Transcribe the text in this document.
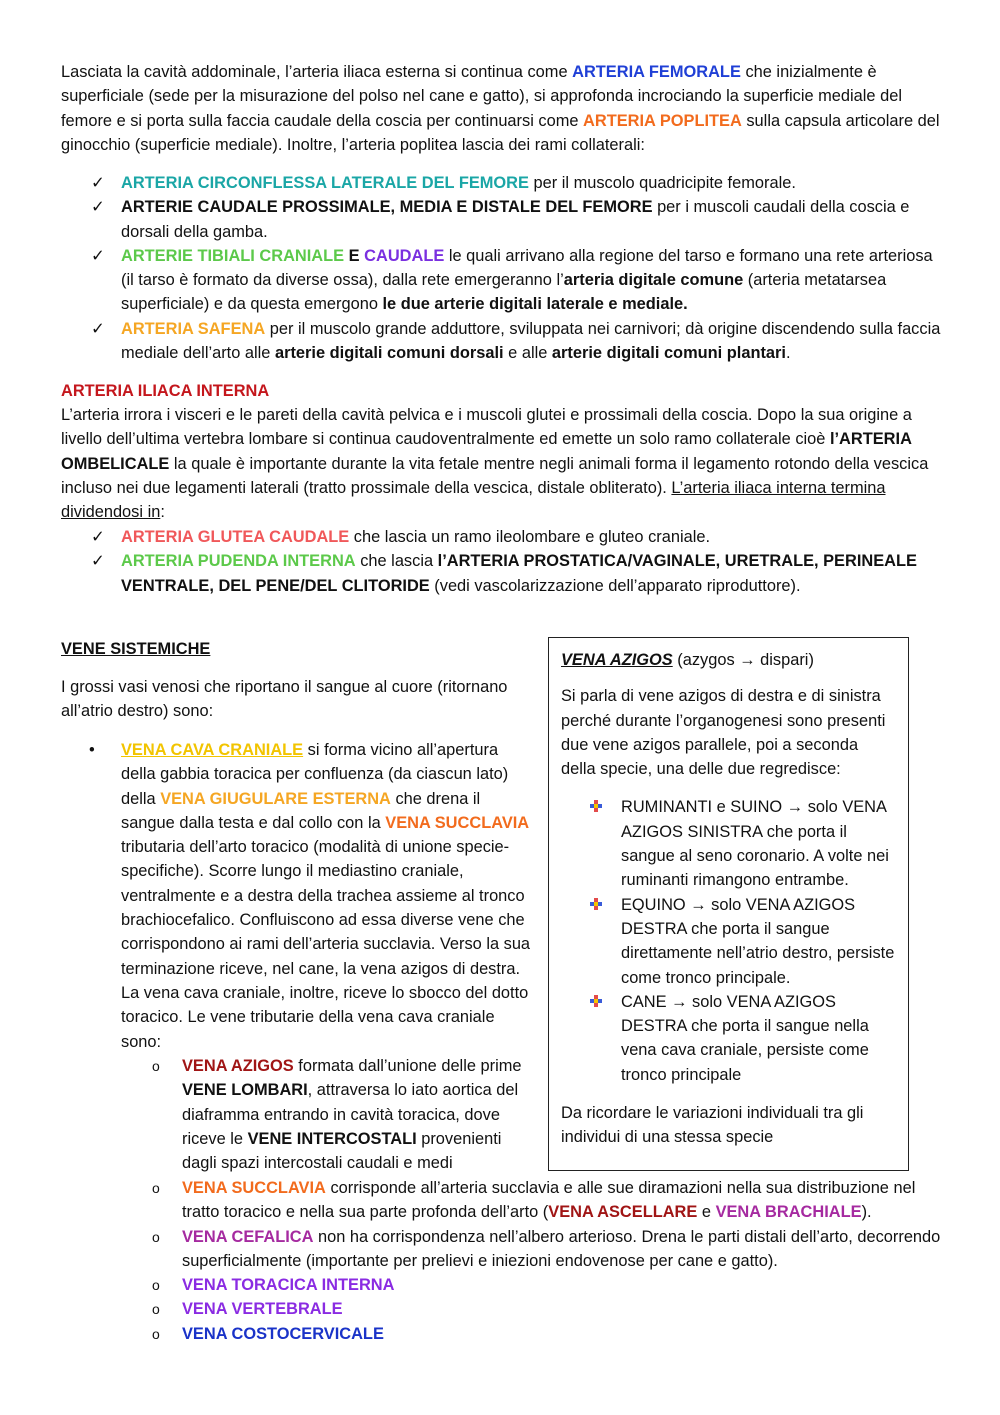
Lasciata la cavità addominale, l’arteria iliaca esterna si continua come ARTERIA FEMORALE che inizialmente è superficiale (sede per la misurazione del polso nel cane e gatto), si approfonda incrociando la superficie mediale del femore e si porta sulla faccia caudale della coscia per continuarsi come ARTERIA POPLITEA sulla capsula articolare del ginocchio (superficie mediale). Inoltre, l’arteria poplitea lascia dei rami collaterali:

✓ ARTERIA CIRCONFLESSA LATERALE DEL FEMORE per il muscolo quadricipite femorale.
✓ ARTERIE CAUDALE PROSSIMALE, MEDIA E DISTALE DEL FEMORE per i muscoli caudali della coscia e dorsali della gamba.
✓ ARTERIE TIBIALI CRANIALE E CAUDALE le quali arrivano alla regione del tarso e formano una rete arteriosa (il tarso è formato da diverse ossa), dalla rete emergeranno l’arteria digitale comune (arteria metatarsea superficiale) e da questa emergono le due arterie digitali laterale e mediale.
✓ ARTERIA SAFENA per il muscolo grande adduttore, sviluppata nei carnivori; dà origine discendendo sulla faccia mediale dell’arto alle arterie digitali comuni dorsali e alle arterie digitali comuni plantari.

ARTERIA ILIACA INTERNA

L’arteria irrora i visceri e le pareti della cavità pelvica e i muscoli glutei e prossimali della coscia. Dopo la sua origine a livello dell’ultima vertebra lombare si continua caudoventralmente ed emette un solo ramo collaterale cioè l’ARTERIA OMBELICALE la quale è importante durante la vita fetale mentre negli animali forma il legamento rotondo della vescica incluso nei due legamenti laterali (tratto prossimale della vescica, distale obliterato). L’arteria iliaca interna termina dividendosi in:

✓ ARTERIA GLUTEA CAUDALE che lascia un ramo ileolombare e gluteo craniale.
✓ ARTERIA PUDENDA INTERNA che lascia l’ARTERIA PROSTATICA/VAGINALE, URETRALE, PERINEALE VENTRALE, DEL PENE/DEL CLITORIDE (vedi vascolarizzazione dell’apparato riproduttore).

VENE SISTEMICHE

I grossi vasi venosi che riportano il sangue al cuore (ritornano all’atrio destro) sono:

•	VENA CAVA CRANIALE si forma vicino all’apertura della gabbia toracica per confluenza (da ciascun lato) della VENA GIUGULARE ESTERNA che drena il sangue dalla testa e dal collo con la VENA SUCCLAVIA tributaria dell’arto toracico (modalità di unione specie-specifiche). Scorre lungo il mediastino craniale, ventralmente e a destra della trachea assieme al tronco brachiocefalico. Confluiscono ad essa diverse vene che corrispondono ai rami dell’arteria succlavia. Verso la sua terminazione riceve, nel cane, la vena azigos di destra. La vena cava craniale, inoltre, riceve lo sbocco del dotto toracico. Le vene tributarie della vena cava craniale sono:
o	VENA AZIGOS formata dall’unione delle prime VENE LOMBARI, attraversa lo iato aortica del diaframma entrando in cavità toracica, dove riceve le VENE INTERCOSTALI provenienti dagli spazi intercostali caudali e medi
o VENA SUCCLAVIA corrisponde all’arteria succlavia e alle sue diramazioni nella sua distribuzione nel tratto toracico e nella sua parte profonda dell’arto (VENA ASCELLARE e VENA BRACHIALE).
o VENA CEFALICA non ha corrispondenza nell’albero arterioso. Drena le parti distali dell’arto, decorrendo superficialmente (importante per prelievi e iniezioni endovenose per cane e gatto).
o VENA TORACICA INTERNA
o VENA VERTEBRALE
o VENA COSTOCERVICALE

VENA AZIGOS (azygos → dispari)

Si parla di vene azigos di destra e di sinistra perché durante l’organogenesi sono presenti due vene azigos parallele, poi a seconda della specie, una delle due regredisce:

RUMINANTI e SUINO → solo VENA AZIGOS SINISTRA che porta il sangue al seno coronario. A volte nei ruminanti rimangono entrambe.
EQUINO → solo VENA AZIGOS DESTRA che porta il sangue direttamente nell’atrio destro, persiste come tronco principale.
CANE → solo VENA AZIGOS DESTRA che porta il sangue nella vena cava craniale, persiste come tronco principale

Da ricordare le variazioni individuali tra gli individui di una stessa specie
